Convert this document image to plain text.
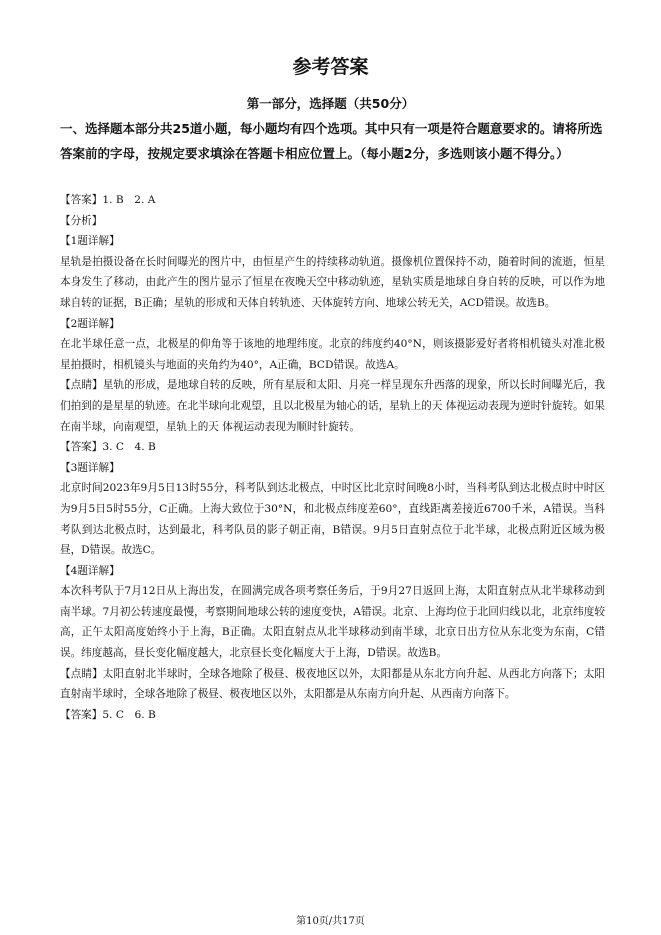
参考答案
第一部分，选择题（共50分）
一、选择题本部分共25道小题，每小题均有四个选项。其中只有一项是符合题意要求的。请将所选答案前的字母，按规定要求填涂在答题卡相应位置上。（每小题2分，多选则该小题不得分。）

【答案】1. B　2. A

【分析】

【1题详解】

星轨是拍摄设备在长时间曝光的图片中，由恒星产生的持续移动轨道。摄像机位置保持不动，随着时间的流逝，恒星本身发生了移动，由此产生的图片显示了恒星在夜晚天空中移动轨迹，星轨实质是地球自身自转的反映，可以作为地球自转的证据，B正确；星轨的形成和天体自转轨迹、天体旋转方向、地球公转无关，ACD错误。故选B。

【2题详解】

在北半球任意一点，北极星的仰角等于该地的地理纬度。北京的纬度约40°N，则该摄影爱好者将相机镜头对准北极星拍摄时，相机镜头与地面的夹角约为40°，A正确，BCD错误。故选A。

【点睛】星轨的形成，是地球自转的反映，所有星辰和太阳、月亮一样呈现东升西落的现象，所以长时间曝光后，我们拍到的是星星的轨迹。在北半球向北观望，且以北极星为轴心的话，星轨上的天 体视运动表现为逆时针旋转。如果在南半球，向南观望，星轨上的天 体视运动表现为顺时针旋转。

【答案】3. C　4. B

【3题详解】

北京时间2023年9月5日13时55分，科考队到达北极点，中时区比北京时间晚8小时，当科考队到达北极点时中时区为9月5日5时55分，C正确。上海大致位于30°N，和北极点纬度差60°，直线距离差接近6700千米，A错误。当科考队到达北极点时，达到最北，科考队员的影子朝正南，B错误。9月5日直射点位于北半球，北极点附近区域为极昼，D错误。故选C。

【4题详解】

本次科考队于7月12日从上海出发，在圆满完成各项考察任务后，于9月27日返回上海，太阳直射点从北半球移动到南半球。7月初公转速度最慢，考察期间地球公转的速度变快，A错误。北京、上海均位于北回归线以北，北京纬度较高，正午太阳高度始终小于上海，B正确。太阳直射点从北半球移动到南半球，北京日出方位从东北变为东南，C错误。纬度越高，昼长变化幅度越大，北京昼长变化幅度大于上海，D错误。故选B。

【点睛】太阳直射北半球时，全球各地除了极昼、极夜地区以外，太阳都是从东北方向升起、从西北方向落下；太阳直射南半球时，全球各地除了极昼、极夜地区以外，太阳都是从东南方向升起、从西南方向落下。

【答案】5. C　6. B

第10页/共17页
